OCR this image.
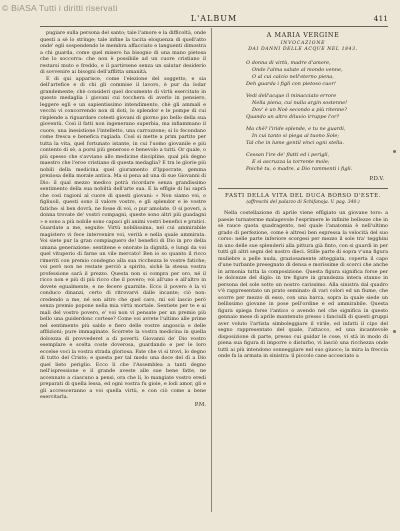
© BiASA Tutti i diritti riservati
L'ALBUM	411

pugiare sulla persona del santo; tale l'amore e la difficoltà, onde questi a sè lo stringe; tale infine la tacita eloquenza di quell'atto onde' egli sospendendo le membra affacciato e languenti dimostra a chi guarda, come quel misero ha bisogno di una mano pietosa che lo soccorra: che non è possibile ad un cuore cristiano il restarsi muto e freddo, e il partirsene senza un salutar desiderio di sovvenire ai bisogni dell'afflitta umanità.

E di qui apparisce, come l'elezione del soggetto, e sia dell'artefice e di chi gli commise il lavoro, è pur da lodar grandemente; chè consideri quel documento di virtù esercitato in questo medaglia i giovani cui tocchera di averlo in pensiero, leggere egli e un sapientissimo intendimento, chè gli ammali e vecchi vi concorrendo non di doti, lo splendor e le pompe di cui risplende a riguardare cotesti giovani di giorno pio bello della sua gioventù. Così il fatti non ingenerano superbia, ma infiammano il cuore, una inesistione l'intelletto, una carrozzone; si lo fecondano come fresca e benefica rugiada. Così si mette a prim partito per tutta la vita, quel fortunato istante, in cui l'uomo giovanile e più contento di sè, a porsi più generoso e benevolo a tutti. Or quale, o più spesso che s'avviano allo medicine discipline, qual più degno maestro che l'eroe cristiano di questa medaglia? E tra le glorie più nobili della medicina quel giuramento d'Ippocrate, gemma preziosa della morale antica. Ma si pena ad una di sue Giovanni di Dio: il qual mezzo medico potrà ricordare senza grandissimo sentimento della sua nobiltà dell'arte sua. E la effigie di lui saprà che così ragioni al cuore di questi giovani: « Non siamo voi, o figliuoli, questi sono il valore vostro, e gli splendor e le vostre fatiche: sì ben dovrà, ne fosse di voi, o pur amolate. O si poveri, a donna trovate de' vostri compagni, queste sono altri più guadagni » e sono a più nobile sono capaci gli animi vostri benefici e pratici. Guardate a me, seguite: Virtù nobilissima, nel cui ammirabile magistero vi fece intervenire voi, verità e nella quale ammirata. Voi siete pur la gran compiaguero de! benefici di Dio in pro della umana generazione: sentitene e onorate la dignità, e lungi da voi quel vituperio di farne un vile mercato! Ben io so quanto il ricco rimeriti con premio condegno alla sua ricchezza le vostre fatiche; voi però non ne restate perciò a spirito, sichè la stessa vostra professione sarà il prezzo. Questa non si compra per oro, né il ricco non e più di più ricco che il povero; voi all'uno e all'altro in dovete egualmente, e ne fecere guarnite. Ecco il povero è la vi conduco dinanzi, certo di ritrovarvi dalle incante; ciò non: credendo a me, né son altro che quel caro, mi sol lascio però senza premio popone nella mia virtù mortale. Sentiete per te e ai mali del vostro povero, e' voi non vi pensate per un premio più bello una guiderdonc cortese? Come voi avrete l'ultimo alle prime nel sentimento più saldo e fiero delle vostre angoscia e delle afflizioni; pure immaginate. Scorrete la vostra medicina in quella dolcezza di provvederet a di poverti. Giovanni de' Dio vostro esemplare e scelta coste doverosa, guardando e per le loro eccelse voci la vostra strada gloriosa. Fate che vi si trovi, lo degno di tutto del Cristo; e questa per tal modo una doce del dì a Dio quel lieto periglio. Ecco li che l'Assemblea a tanti degno nell'ispressione e il grande aveste alle sue bene fatte, ne accennato a ciascuno a pensi, ora che li, lo mangiate vostro eredi preparati di quella lessa, ed ogni vostra fu gioie, e lodi amor, gli e gli accresceranno a voi quella virtù, e con ciò come a bene esercitarla.

P.M.
A MARIA VERGINE
INVOCAZIONE
DAI DANNI DELLE ACQUE NEL 1843.
O donna di virtù, madre d'amore,
Onde l'alma salute al mondo venne,
O al cui calcio nell'eterno piena,
Deh guarda i figli con pietoso cuor!
Vedi dell'acque il minacciato errore
Nella piena, cui nulla argin sostenne!
Dov' è un Noè secondo a più ritenne?
Quando un altro diluvio irruppe l'or?
Ma chè? l'iride splende, e tu ne guardi,
In cui tanto si piega al tuono Sole;
Tal che in lume gentil vinci ogni stella.
Cessan l'ire de' flutti ed i perigli,
E si ascruzza la torrente mole;
Poichè tu, o madre, a Dio rammenti i figli.
P.D.V.
FASTI DELLA VITA DEL DUCA BORSO D'ESTE.
(affreschi del palazzo di Schifanoja. V. pag. 340.)

Nella costellazione di aprile viene effigiato un giovane toro: a paesie turnaterme malagevole l'esprimere le infinite bellezze che in sè rauce quota quadragento, nel quale l'anatomia è nell'ultimo grado di perfezione, come è altresì ben espressa la velocità del suo corso: nelle parte inferiore scorgesi per mezzo il sole tra' tegghini in uno delle sue splenderii alla pittura già finto, con si guardi in per tutti gli altri segni del nostro dieci. Stille parte di sopra v'una figura muliebre a pelle nuda, graziosamente atteggiata, coperta il capo d'une turbante presegnato di densa e morissime di scorci che anche in armonia tutta la composizione. Questa figura significa forse per le dolcezze del diglo: in tre figure in grandezza intera stanno in persona del sole sotto un nostro carissimo. Alla sinistra dal quadro v'è rappresentato un prato seminato di vari colori ed un fiume, che scorre per mezzo di esso, con una barca, sopra la quale siede un bellissimo giovane in pose pell'ordine e ed ammirabile. Questa figura spiega forse l'antico o avendo nel che significa in questo gennaio mese di aprile mantenuto presso i fanciulli di questi gruppi aver voluto l'artista simboleggiare il virile, ed infatti il cipo del segno rappresentato del quale, l'attacco, ed una incantevole disposizione di parte, presso cui guidar le cose, vi stà in modo di piena sua figura di imporre o disturbo, vi lasciò una ricchezza onde tutti ai più intendono sonneggiare nel suo giuoco; la mira la freccia onde fa la armata in sinistra: il piccolo cane accosciato a
